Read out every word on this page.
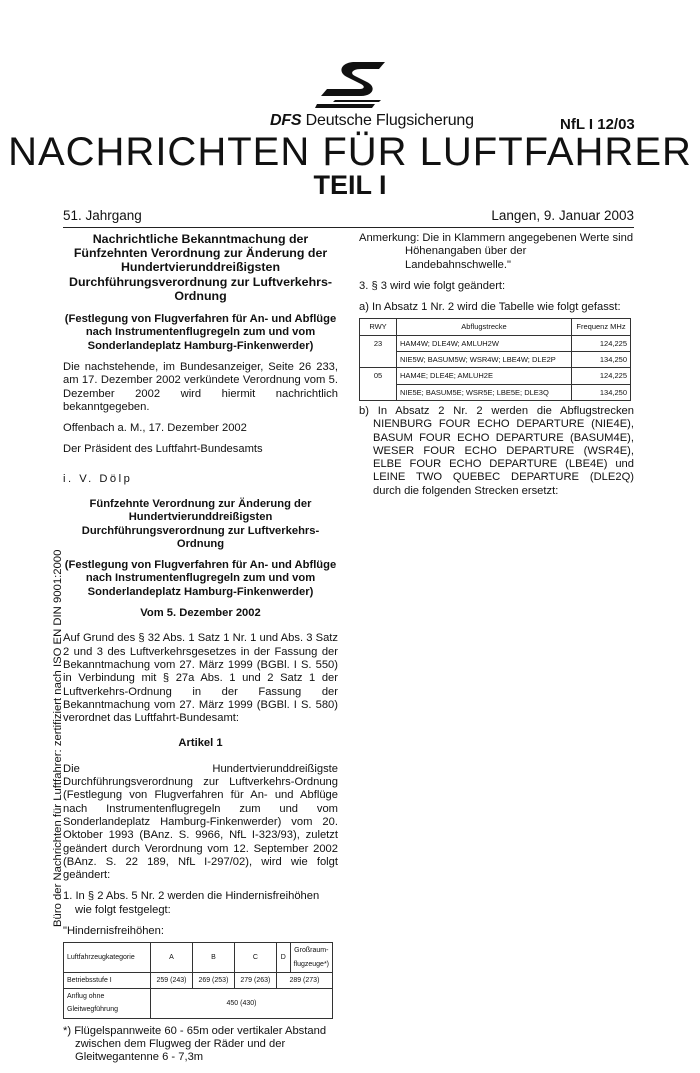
DFS Deutsche Flugsicherung	NfL I 12/03
NACHRICHTEN FÜR LUFTFAHRER
TEIL I
51. Jahrgang	Langen, 9. Januar 2003

Nachrichtliche Bekanntmachung der Fünfzehnten Verordnung zur Änderung der Hundertvierunddreißigsten Durchführungsverordnung zur Luftverkehrs-Ordnung

(Festlegung von Flugverfahren für An- und Abflüge nach Instrumentenflugregeln zum und vom Sonderlandeplatz Hamburg-Finkenwerder)

Die nachstehende, im Bundesanzeiger, Seite 26 233, am 17. Dezember 2002 verkündete Verordnung vom 5. Dezember 2002 wird hiermit nachrichtlich bekanntgegeben.

Offenbach a. M., 17. Dezember 2002

Der Präsident des Luftfahrt-Bundesamts

i. V. Dölp

Fünfzehnte Verordnung zur Änderung der Hundertvierunddreißigsten Durchführungsverordnung zur Luftverkehrs-Ordnung

(Festlegung von Flugverfahren für An- und Abflüge nach Instrumentenflugregeln zum und vom Sonderlandeplatz Hamburg-Finkenwerder)

Vom 5. Dezember 2002

Auf Grund des § 32 Abs. 1 Satz 1 Nr. 1 und Abs. 3 Satz 2 und 3 des Luftverkehrsgesetzes in der Fassung der Bekanntmachung vom 27. März 1999 (BGBl. I S. 550) in Verbindung mit § 27a Abs. 1 und 2 Satz 1 der Luftverkehrs-Ordnung in der Fassung der Bekanntmachung vom 27. März 1999 (BGBl. I S. 580) verordnet das Luftfahrt-Bundesamt:

Artikel 1

Die Hundertvierunddreißigste Durchführungsverordnung zur Luftverkehrs-Ordnung (Festlegung von Flugverfahren für An- und Abflüge nach Instrumentenflugregeln zum und vom Sonderlandeplatz Hamburg-Finkenwerder) vom 20. Oktober 1993 (BAnz. S. 9966, NfL I-323/93), zuletzt geändert durch Verordnung vom 12. September 2002 (BAnz. S. 22 189, NfL I-297/02), wird wie folgt geändert:

1. In § 2 Abs. 5 Nr. 2 werden die Hindernisfreihöhen wie folgt festgelegt:

"Hindernisfreihöhen:

Luftfahrzeugkategorie	A	B	C	D	Großraum-flugzeuge*)
Betriebsstufe I	259 (243)	269 (253)	279 (263)	289 (273)	
Anflug ohne Gleitwegführung	450 (430)				

*) Flügelspannweite 60 - 65m oder vertikaler Abstand zwischen dem Flugweg der Räder und der Gleitwegantenne 6 - 7,3m

Anmerkung: Die in Klammern angegebenen Werte sind Höhenangaben über der Landebahnschwelle."

3. § 3 wird wie folgt geändert:

a) In Absatz 1 Nr. 2 wird die Tabelle wie folgt gefasst:

RWY	Abflugstrecke	Frequenz MHz
23	HAM4W; DLE4W; AMLUH2W	124,225
	NIE5W; BASUM5W; WSR4W; LBE4W; DLE2P	134,250
05	HAM4E; DLE4E; AMLUH2E	124,225
	NIE5E; BASUM5E; WSR5E; LBE5E; DLE3Q	134,250

b) In Absatz 2 Nr. 2 werden die Abflugstrecken NIENBURG FOUR ECHO DEPARTURE (NIE4E), BASUM FOUR ECHO DEPARTURE (BASUM4E), WESER FOUR ECHO DEPARTURE (WSR4E), ELBE FOUR ECHO DEPARTURE (LBE4E) und LEINE TWO QUEBEC DEPARTURE (DLE2Q) durch die folgenden Strecken ersetzt:

Büro der Nachrichten für Luftfahrer: zertifiziert nach ISO EN DIN 9001:2000
